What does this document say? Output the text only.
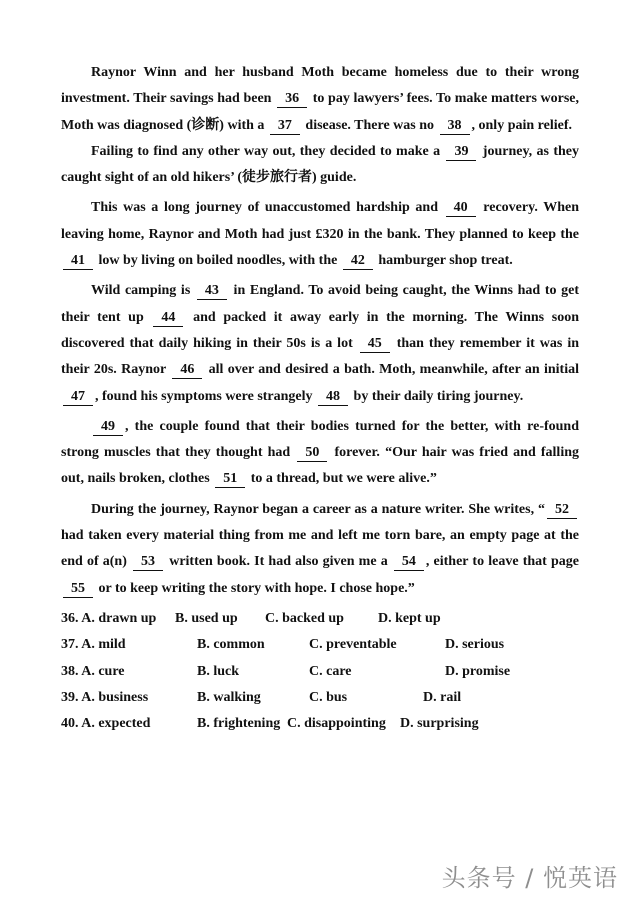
Raynor Winn and her husband Moth became homeless due to their wrong investment. Their savings had been 36 to pay lawyers’ fees. To make matters worse, Moth was diagnosed (诊断) with a 37 disease. There was no 38 , only pain relief.

Failing to find any other way out, they decided to make a 39 journey, as they caught sight of an old hikers’ (徒步旅行者) guide.

This was a long journey of unaccustomed hardship and 40 recovery. When leaving home, Raynor and Moth had just £320 in the bank. They planned to keep the 41 low by living on boiled noodles, with the 42 hamburger shop treat.

Wild camping is 43 in England. To avoid being caught, the Winns had to get their tent up 44 and packed it away early in the morning. The Winns soon discovered that daily hiking in their 50s is a lot 45 than they remember it was in their 20s. Raynor 46 all over and desired a bath. Moth, meanwhile, after an initial 47 , found his symptoms were strangely 48 by their daily tiring journey.

49 , the couple found that their bodies turned for the better, with re-found strong muscles that they thought had 50 forever. “Our hair was fried and falling out, nails broken, clothes 51 to a thread, but we were alive.”

During the journey, Raynor began a career as a nature writer. She writes, “ 52 had taken every material thing from me and left me torn bare, an empty page at the end of a(n) 53 written book. It had also given me a 54 , either to leave that page 55 or to keep writing the story with hope. I chose hope.”

36. A. drawn up	B. used up	C. backed up	D. kept up
37. A. mild	B. common	C. preventable	D. serious
38. A. cure	B. luck	C. care	D. promise
39. A. business	B. walking	C. bus	D. rail
40. A. expected	B. frightening C. disappointing	D. surprising
头条号 / 悦英语
